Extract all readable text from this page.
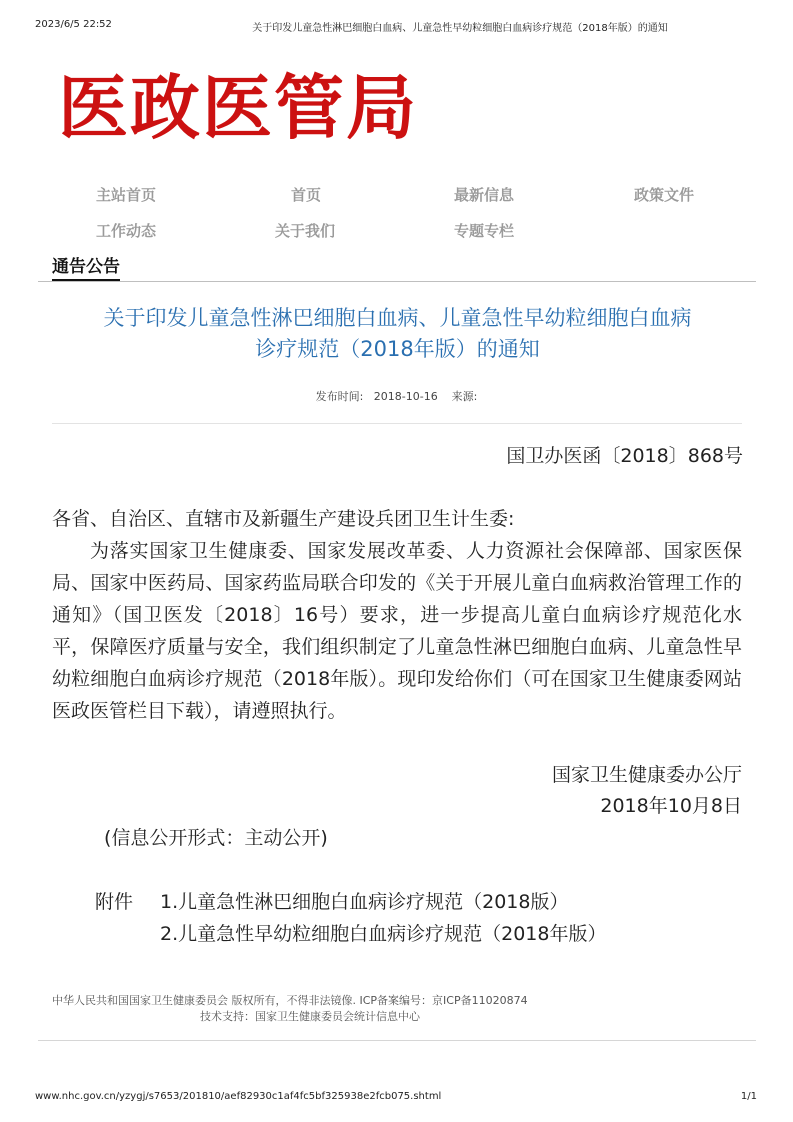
2023/6/5 22:52	关于印发儿童急性淋巴细胞白血病、儿童急性早幼粒细胞白血病诊疗规范（2018年版）的通知
医政医管局
主站首页	首页	最新信息	政策文件
工作动态	关于我们	专题专栏
通告公告
关于印发儿童急性淋巴细胞白血病、儿童急性早幼粒细胞白血病
诊疗规范（2018年版）的通知
发布时间:   2018-10-16    来源:
国卫办医函〔2018〕868号

各省、自治区、直辖市及新疆生产建设兵团卫生计生委:

为落实国家卫生健康委、国家发展改革委、人力资源社会保障部、国家医保局、国家中医药局、国家药监局联合印发的《关于开展儿童白血病救治管理工作的通知》（国卫医发〔2018〕16号）要求，进一步提高儿童白血病诊疗规范化水平，保障医疗质量与安全，我们组织制定了儿童急性淋巴细胞白血病、儿童急性早幼粒细胞白血病诊疗规范（2018年版）。现印发给你们（可在国家卫生健康委网站医政医管栏目下载），请遵照执行。

国家卫生健康委办公厅
2018年10月8日
(信息公开形式：主动公开)
附件 1.儿童急性淋巴细胞白血病诊疗规范（2018版）
2.儿童急性早幼粒细胞白血病诊疗规范（2018年版）
中华人民共和国国家卫生健康委员会 版权所有，不得非法镜像. ICP备案编号：京ICP备11020874
技术支持：国家卫生健康委员会统计信息中心
www.nhc.gov.cn/yzygj/s7653/201810/aef82930c1af4fc5bf325938e2fcb075.shtml	1/1
